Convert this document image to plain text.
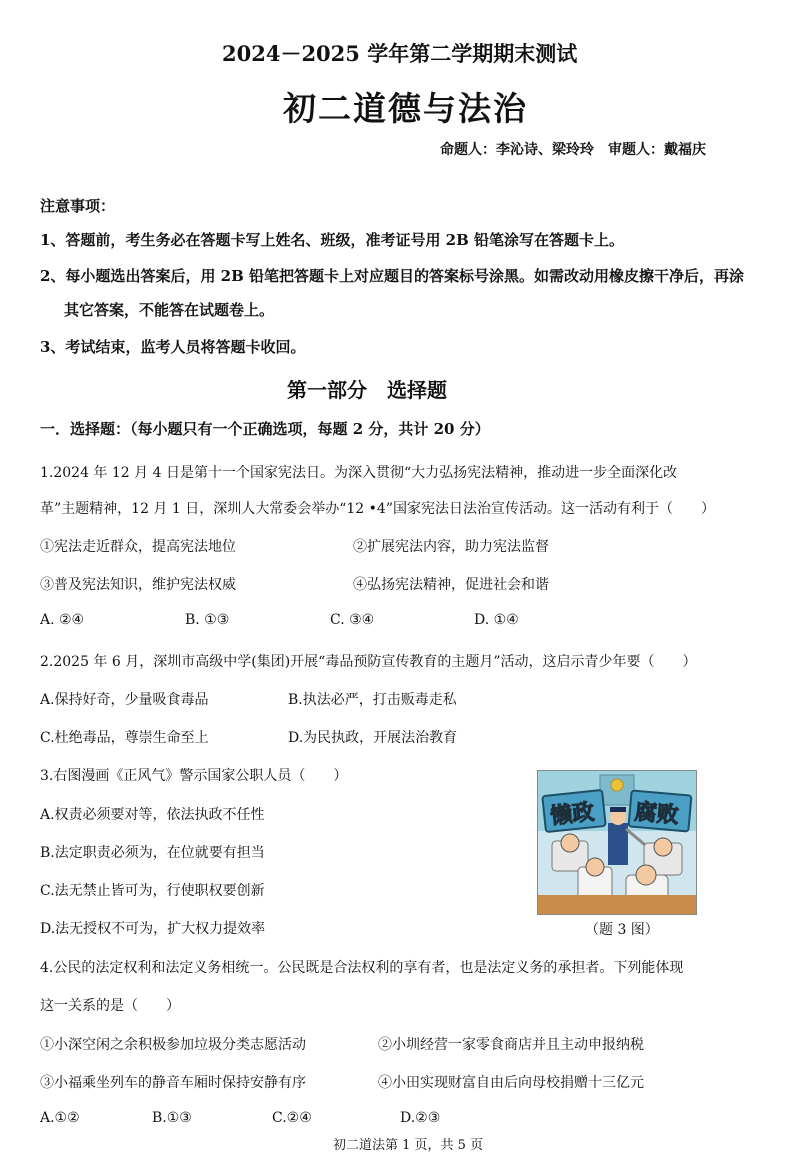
2024－2025 学年第二学期期末测试
初二道德与法治
命题人：李沁诗、梁玲玲　审题人：戴福庆
注意事项：
1、答题前，考生务必在答题卡写上姓名、班级，准考证号用 2B 铅笔涂写在答题卡上。
2、每小题选出答案后，用 2B 铅笔把答题卡上对应题目的答案标号涂黑。如需改动用橡皮擦干净后，再涂
其它答案，不能答在试题卷上。
3、考试结束，监考人员将答题卡收回。
第一部分　选择题
一．选择题：（每小题只有一个正确选项，每题 2 分，共计 20 分）
1.2024 年 12 月 4 日是第十一个国家宪法日。为深入贯彻“大力弘扬宪法精神，推动进一步全面深化改
革”主题精神，12 月 1 日，深圳人大常委会举办“12 •4”国家宪法日法治宣传活动。这一活动有利于（　　）
①宪法走近群众，提高宪法地位	②扩展宪法内容，助力宪法监督
③普及宪法知识，维护宪法权威	④弘扬宪法精神，促进社会和谐
A. ②④	B. ①③	C. ③④	D. ①④
2.2025 年 6 月，深圳市高级中学(集团)开展“毒品预防宣传教育的主题月”活动，这启示青少年要（　　）
A.保持好奇，少量吸食毒品	B.执法必严，打击贩毒走私
C.杜绝毒品，尊崇生命至上	D.为民执政，开展法治教育
3.右图漫画《正风气》警示国家公职人员（　　）
A.权责必须要对等，依法执政不任性
B.法定职责必须为，在位就要有担当
C.法无禁止皆可为，行使职权要创新
D.法无授权不可为，扩大权力提效率
懒政 腐败
（题 3 图）
4.公民的法定权利和法定义务相统一。公民既是合法权利的享有者，也是法定义务的承担者。下列能体现
这一关系的是（　　）
①小深空闲之余积极参加垃圾分类志愿活动	②小圳经营一家零食商店并且主动申报纳税
③小福乘坐列车的静音车厢时保持安静有序	④小田实现财富自由后向母校捐赠十三亿元
A.①②	B.①③	C.②④	D.②③
初二道法第 1 页，共 5 页
